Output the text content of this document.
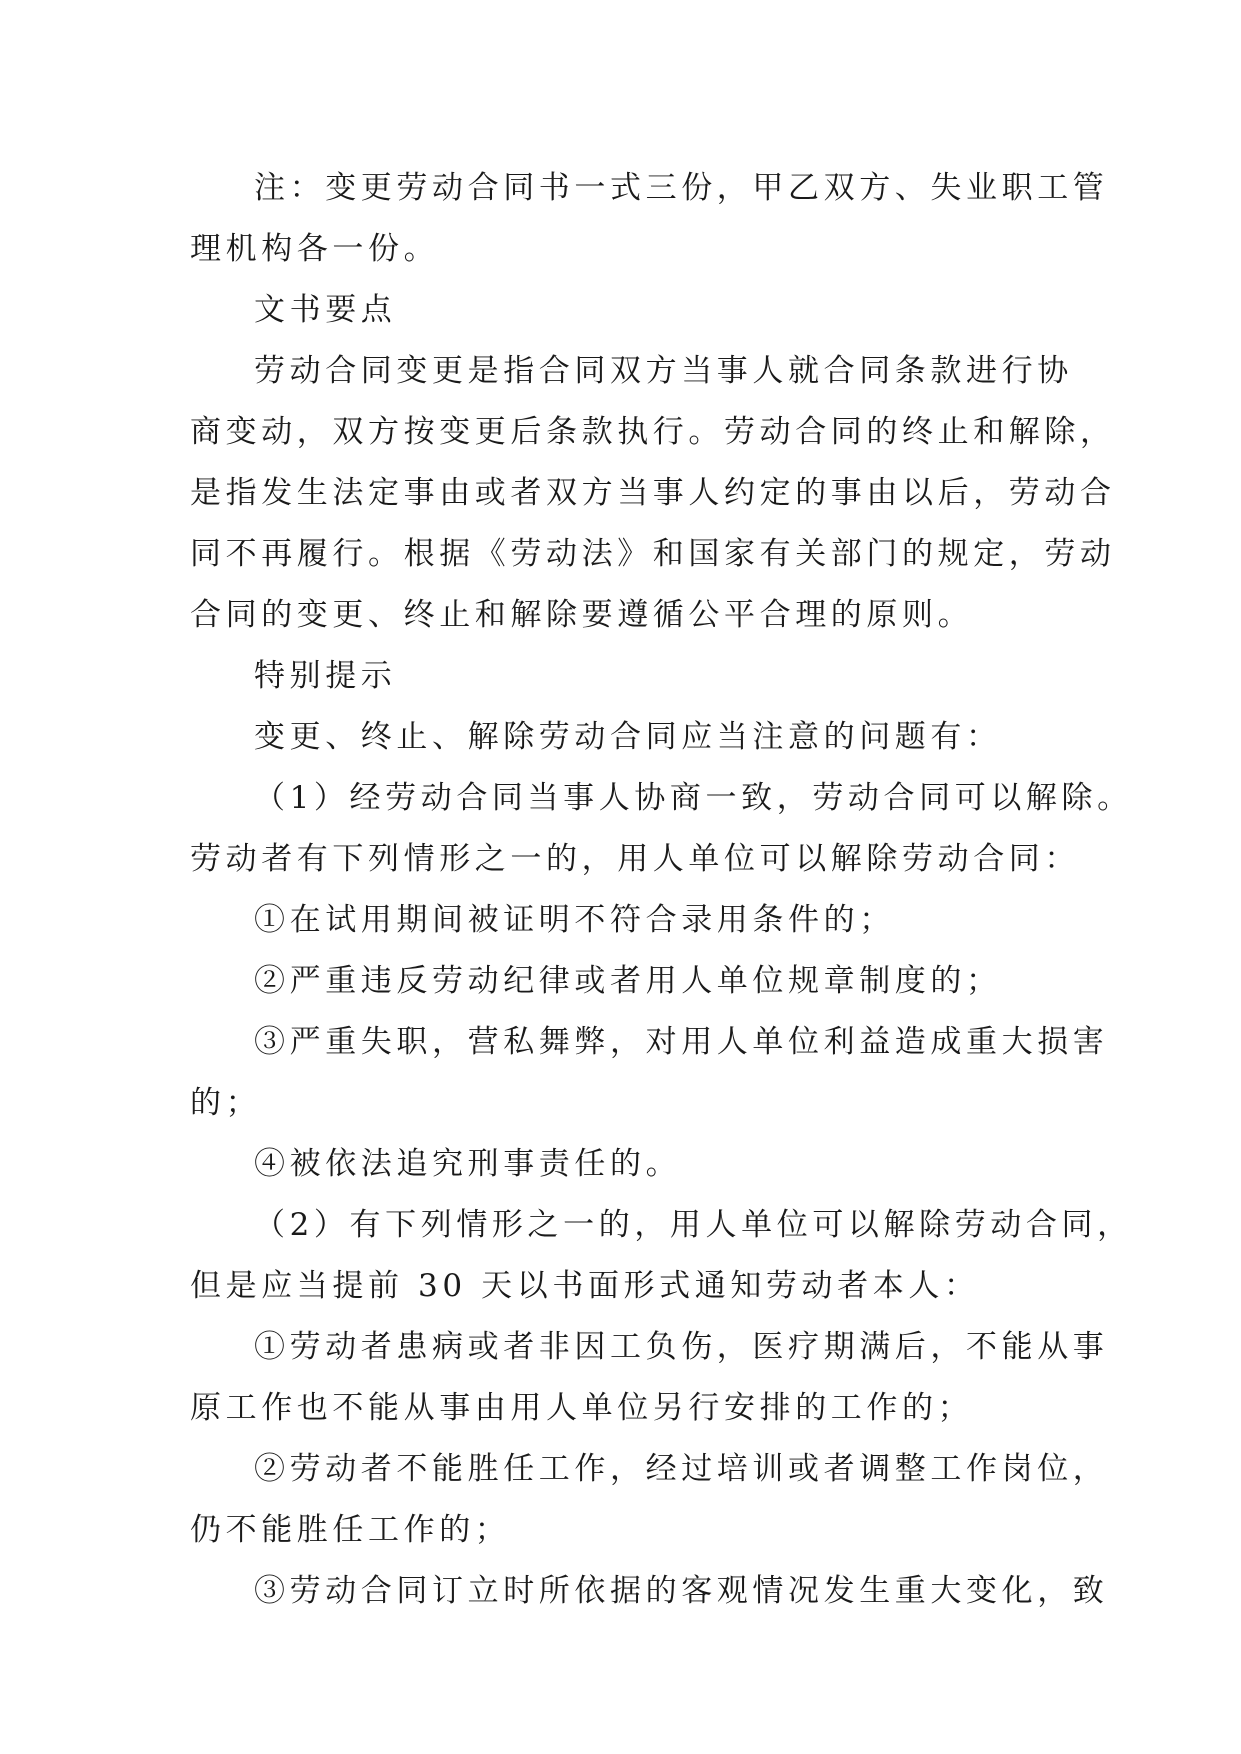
注：变更劳动合同书一式三份，甲乙双方、失业职工管
理机构各一份。
文书要点
劳动合同变更是指合同双方当事人就合同条款进行协
商变动，双方按变更后条款执行。劳动合同的终止和解除，
是指发生法定事由或者双方当事人约定的事由以后，劳动合
同不再履行。根据《劳动法》和国家有关部门的规定，劳动
合同的变更、终止和解除要遵循公平合理的原则。
特别提示
变更、终止、解除劳动合同应当注意的问题有：
（1）经劳动合同当事人协商一致，劳动合同可以解除。
劳动者有下列情形之一的，用人单位可以解除劳动合同：
①在试用期间被证明不符合录用条件的；
②严重违反劳动纪律或者用人单位规章制度的；
③严重失职，营私舞弊，对用人单位利益造成重大损害
的；
④被依法追究刑事责任的。
（2）有下列情形之一的，用人单位可以解除劳动合同，
但是应当提前 30 天以书面形式通知劳动者本人：
①劳动者患病或者非因工负伤，医疗期满后，不能从事
原工作也不能从事由用人单位另行安排的工作的；
②劳动者不能胜任工作，经过培训或者调整工作岗位，
仍不能胜任工作的；
③劳动合同订立时所依据的客观情况发生重大变化，致
